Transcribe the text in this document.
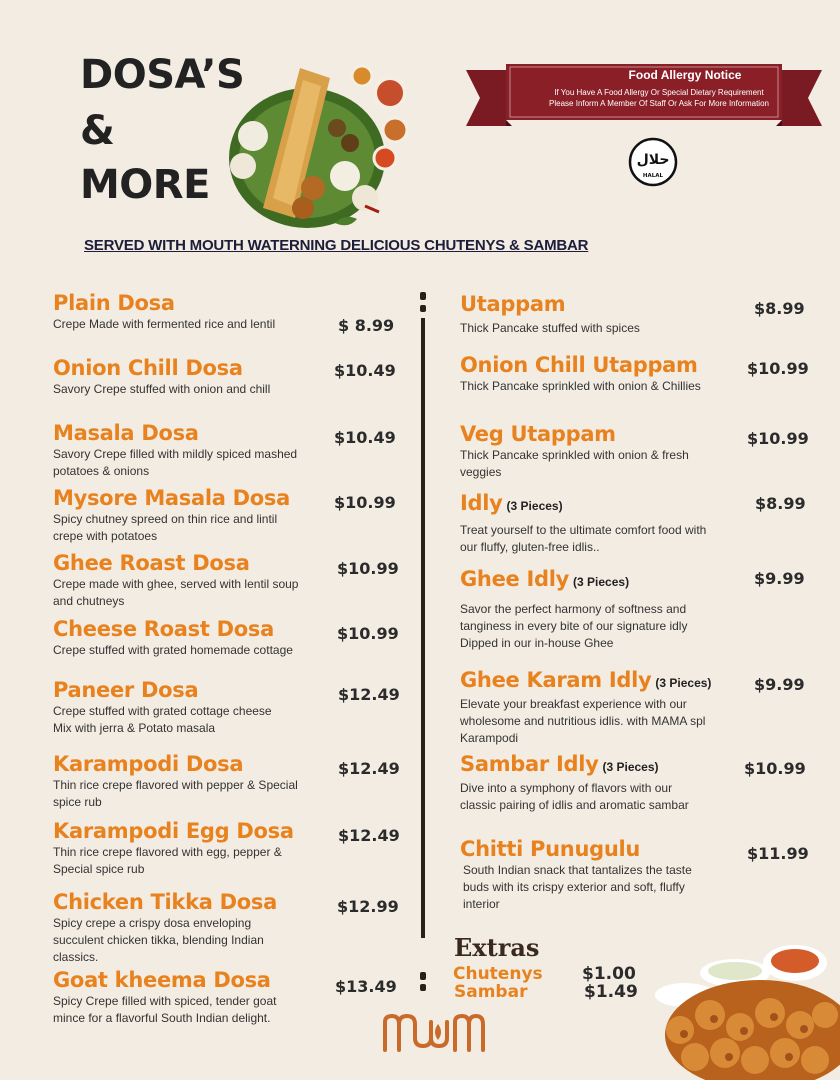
DOSA’S
&
MORE
Food Allergy Notice
If You Have A Food Allergy Or Special Dietary Requirement
Please Inform A Member Of Staff Or Ask For More Information
حلال
HALAL
SERVED WITH MOUTH WATERNING DELICIOUS CHUTENYS & SAMBAR
Plain Dosa
Crepe Made with fermented rice and lentil	$ 8.99
Onion Chill Dosa
Savory Crepe stuffed with onion and chill
$10.49
Masala Dosa
Savory Crepe filled with mildly spiced mashed potatoes & onions
$10.49
Mysore Masala Dosa
Spicy chutney spreed on thin rice and lintil crepe with potatoes
$10.99
Ghee Roast Dosa
Crepe made with ghee, served with lentil soup and chutneys
$10.99
Cheese Roast Dosa
Crepe stuffed with grated homemade cottage
$10.99
Paneer Dosa
Crepe stuffed with grated cottage cheese Mix with jerra & Potato masala
$12.49
Karampodi Dosa
Thin rice crepe flavored with pepper & Special spice rub
$12.49
Karampodi Egg Dosa
Thin rice crepe flavored with egg, pepper & Special spice rub
$12.49
Chicken Tikka Dosa
Spicy crepe a crispy dosa enveloping succulent chicken tikka, blending Indian classics.
$12.99
Goat kheema Dosa
Spicy Crepe filled with spiced, tender goat mince for a flavorful South Indian delight.
$13.49
Utappam
Thick Pancake stuffed with spices
$8.99
Onion Chill Utappam
Thick Pancake sprinkled with onion & Chillies
$10.99
Veg Utappam
Thick Pancake sprinkled with onion & fresh veggies
$10.99
Idly (3 Pieces)
Treat yourself to the ultimate comfort food with our fluffy, gluten-free idlis..
$8.99
Ghee Idly (3 Pieces)
Savor the perfect harmony of softness and tanginess in every bite of our signature idly Dipped in our in-house Ghee
$9.99
Ghee Karam Idly (3 Pieces)
Elevate your breakfast experience with our wholesome and nutritious idlis. with MAMA spl Karampodi
$9.99
Sambar Idly (3 Pieces)
Dive into a symphony of flavors with our classic pairing of idlis and aromatic sambar
$10.99
Chitti Punugulu
South Indian snack that tantalizes the taste buds with its crispy exterior and soft, fluffy interior
$11.99
Extras
Chutenys $1.00
Sambar	$1.49
